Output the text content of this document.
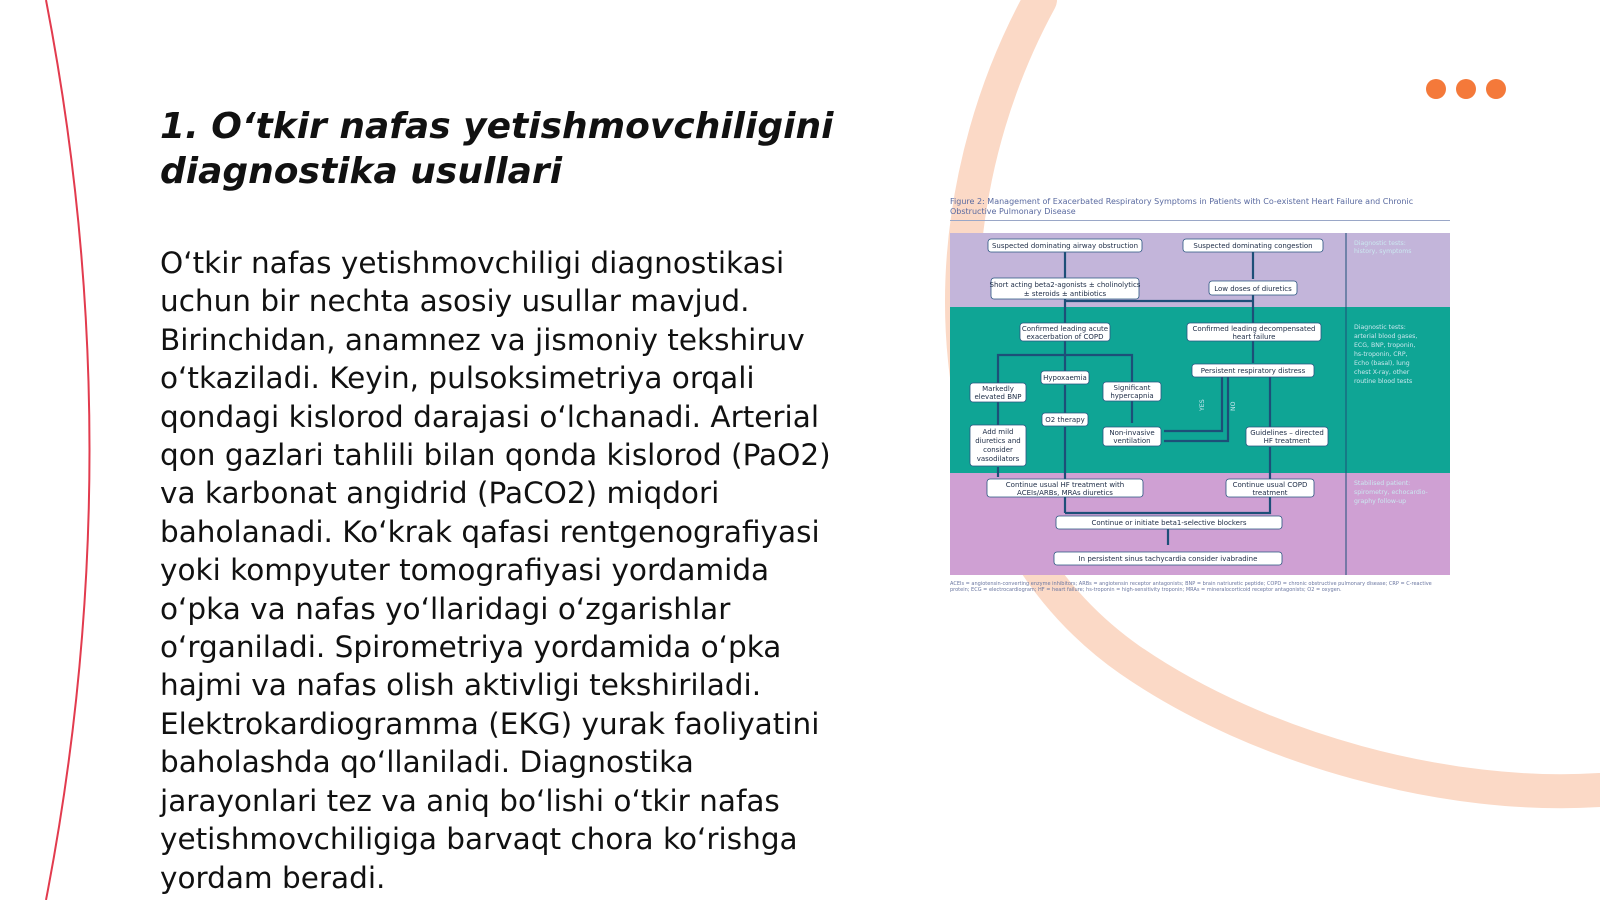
1. O‘tkir nafas yetishmovchiligini diagnostika usullari

O‘tkir nafas yetishmovchiligi diagnostikasi uchun bir nechta asosiy usullar mavjud. Birinchidan, anamnez va jismoniy tekshiruv o‘tkaziladi. Keyin, pulsoksimetriya orqali qondagi kislorod darajasi o‘lchanadi. Arterial qon gazlari tahlili bilan qonda kislorod (PaO2) va karbonat angidrid (PaCO2) miqdori baholanadi. Ko‘krak qafasi rentgenografiyasi yoki kompyuter tomografiyasi yordamida o‘pka va nafas yo‘llaridagi o‘zgarishlar o‘rganiladi. Spirometriya yordamida o‘pka hajmi va nafas olish aktivligi tekshiriladi. Elektrokardiogramma (EKG) yurak faoliyatini baholashda qo‘llaniladi. Diagnostika jarayonlari tez va aniq bo‘lishi o‘tkir nafas yetishmovchiligiga barvaqt chora ko‘rishga yordam beradi.

Figure 2: Management of Exacerbated Respiratory Symptoms in Patients with Co-existent Heart Failure and Chronic Obstructive Pulmonary Disease
Suspected dominating airway obstruction	Suspected dominating congestion
Short acting beta2-agonists ± cholinolytics
± steroids ± antibiotics
Low doses of diuretics
Confirmed leading acute
exacerbation of COPD
Confirmed leading decompensated
heart failure
Hypoxaemia
Markedly
elevated BNP
Significant
hypercapnia
Persistent respiratory distress
O2 therapy
Add mild
diuretics and
consider
vasodilators
Non-invasive
ventilation
Guidelines – directed
HF treatment
YES	NO
Continue usual HF treatment with
ACEIs/ARBs, MRAs diuretics
Continue usual COPD
treatment
Continue or initiate beta1-selective blockers
In persistent sinus tachycardia consider ivabradine
Diagnostic tests:
history, symptoms
Diagnostic tests:
arterial blood gases,
ECG, BNP, troponin,
hs-troponin, CRP,
Echo (basal), lung
chest X-ray, other
routine blood tests
Stabilised patient:
spirometry, echocardio-
graphy follow-up
ACEIs = angiotensin-converting enzyme inhibitors; ARBs = angiotensin receptor antagonists; BNP = brain natriuretic peptide; COPD = chronic obstructive pulmonary disease; CRP = C-reactive protein; ECG = electrocardiogram; HF = heart failure; hs-troponin = high-sensitivity troponin; MRAs = mineralocorticoid receptor antagonists; O2 = oxygen.
